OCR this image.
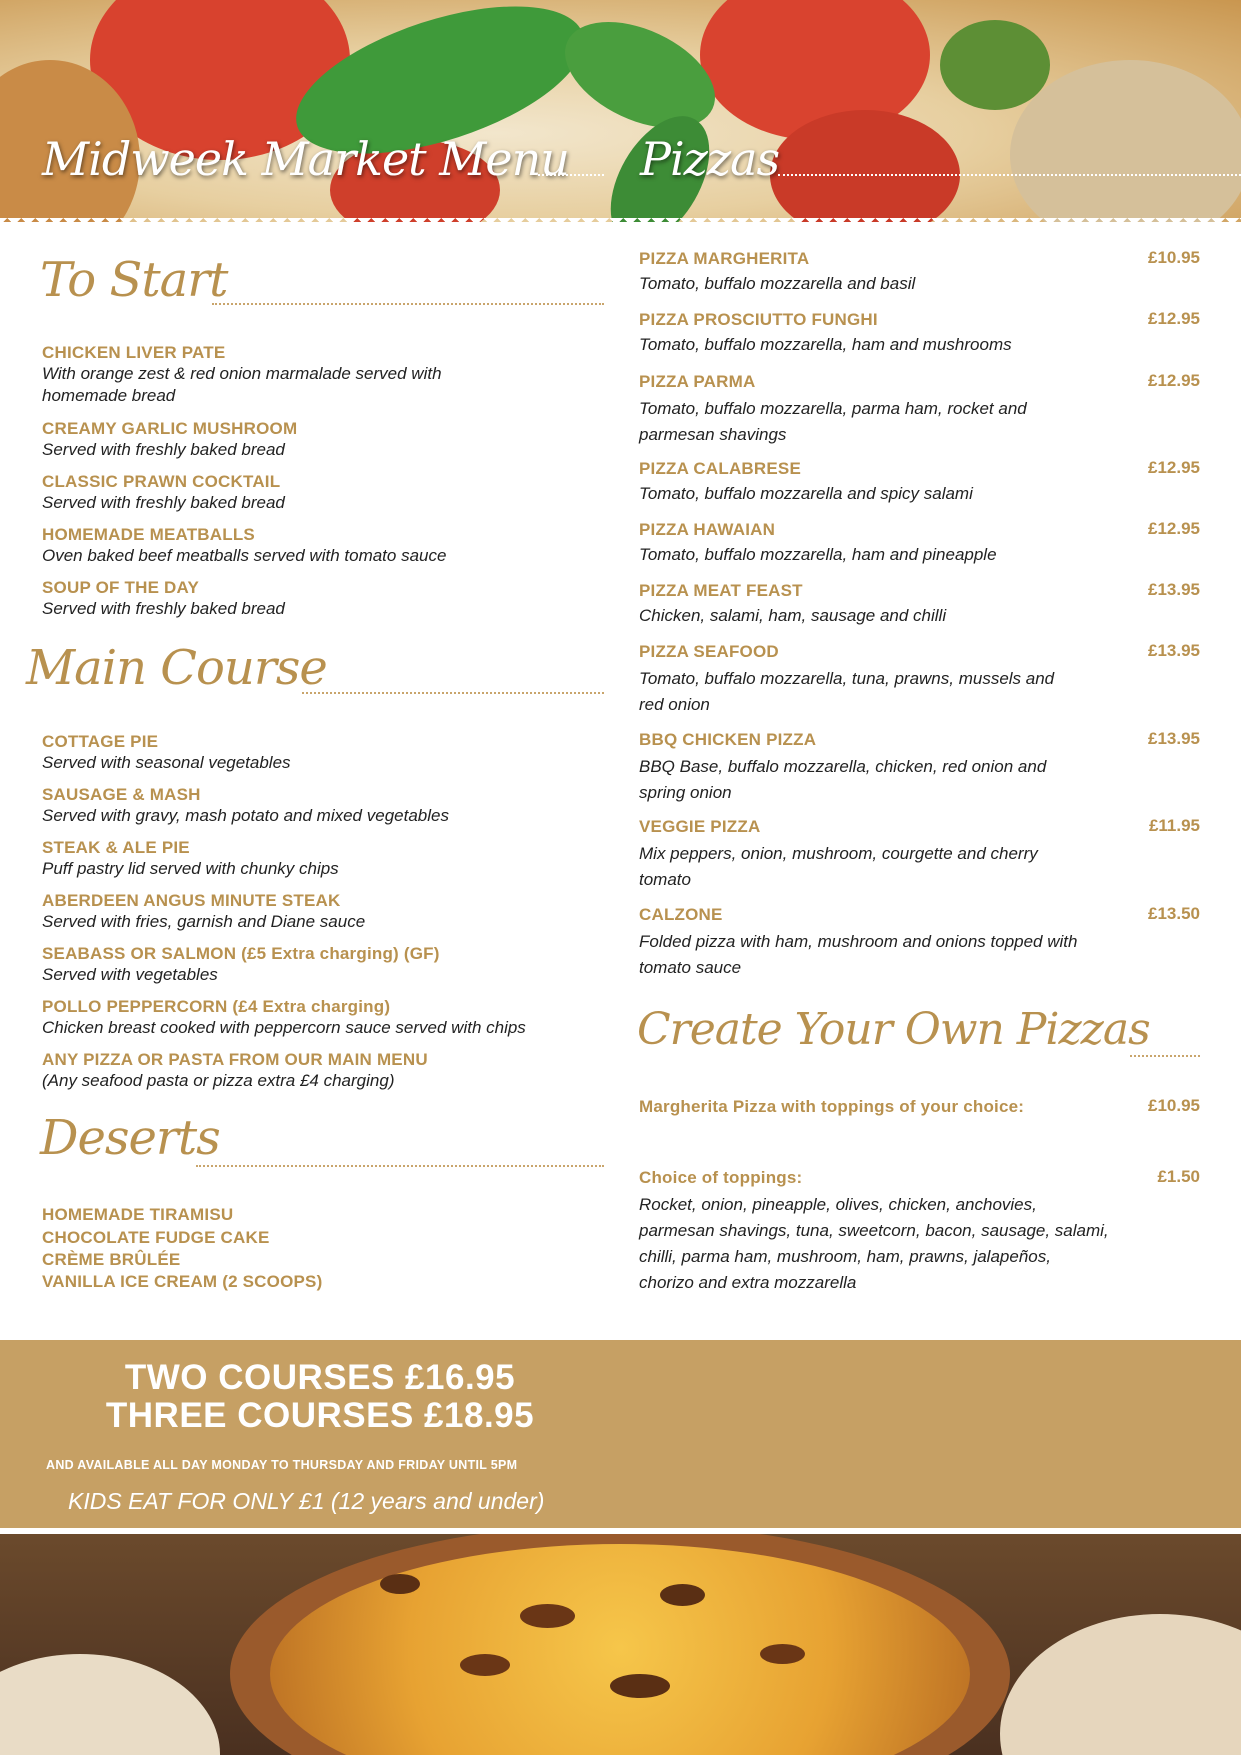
Midweek Market Menu Pizzas
To Start
CHICKEN LIVER PATE
With orange zest & red onion marmalade served with homemade bread
CREAMY GARLIC MUSHROOM
Served with freshly baked bread
CLASSIC PRAWN COCKTAIL
Served with freshly baked bread
HOMEMADE MEATBALLS
Oven baked beef meatballs served with tomato sauce
SOUP OF THE DAY
Served with freshly baked bread
Main Course
COTTAGE PIE
Served with seasonal vegetables
SAUSAGE & MASH
Served with gravy, mash potato and mixed vegetables
STEAK & ALE PIE
Puff pastry lid served with chunky chips
ABERDEEN ANGUS MINUTE STEAK
Served with fries, garnish and Diane sauce
SEABASS OR SALMON (£5 Extra charging) (GF)
Served with vegetables
POLLO PEPPERCORN (£4 Extra charging)
Chicken breast cooked with peppercorn sauce served with chips
ANY PIZZA OR PASTA FROM OUR MAIN MENU
(Any seafood pasta or pizza extra £4 charging)
Deserts
HOMEMADE TIRAMISU
CHOCOLATE FUDGE CAKE
CRÈME BRÛLÉE
VANILLA ICE CREAM (2 SCOOPS)
PIZZA MARGHERITA
Tomato, buffalo mozzarella and basil
£10.95
PIZZA PROSCIUTTO FUNGHI
Tomato, buffalo mozzarella, ham and mushrooms
£12.95
PIZZA PARMA
Tomato, buffalo mozzarella, parma ham, rocket and parmesan shavings
£12.95
PIZZA CALABRESE
Tomato, buffalo mozzarella and spicy salami
£12.95
PIZZA HAWAIAN
Tomato, buffalo mozzarella, ham and pineapple
£12.95
PIZZA MEAT FEAST
Chicken, salami, ham, sausage and chilli
£13.95
PIZZA SEAFOOD
Tomato, buffalo mozzarella, tuna, prawns, mussels and red onion
£13.95
BBQ CHICKEN PIZZA
BBQ Base, buffalo mozzarella, chicken, red onion and spring onion
£13.95
VEGGIE PIZZA
Mix peppers, onion, mushroom, courgette and cherry tomato
£11.95
CALZONE
Folded pizza with ham, mushroom and onions topped with tomato sauce
£13.50
Create Your Own Pizzas
Margherita Pizza with toppings of your choice:	£10.95
Choice of toppings:	£1.50
Rocket, onion, pineapple, olives, chicken, anchovies, parmesan shavings, tuna, sweetcorn, bacon, sausage, salami, chilli, parma ham, mushroom, ham, prawns, jalapeños, chorizo and extra mozzarella
TWO COURSES £16.95
THREE COURSES £18.95
AND AVAILABLE ALL DAY MONDAY TO THURSDAY AND FRIDAY UNTIL 5PM
KIDS EAT FOR ONLY £1 (12 years and under)
